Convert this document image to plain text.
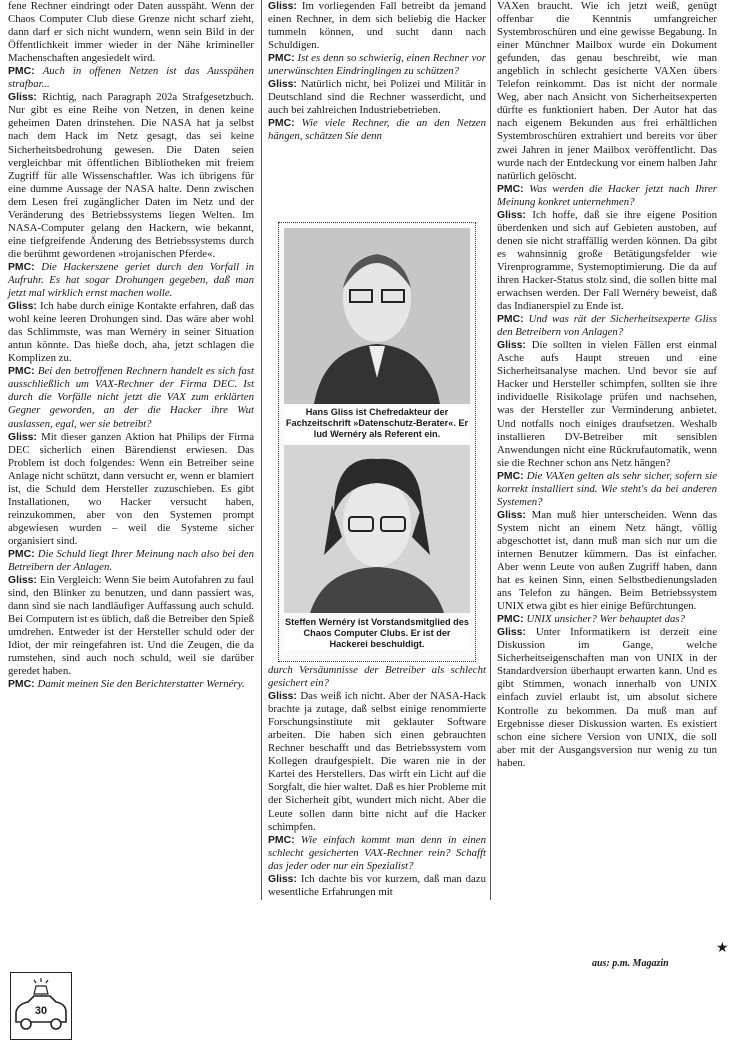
fene Rechner eindringt oder Daten ausspäht. Wenn der Chaos Computer Club diese Grenze nicht scharf zieht, dann darf er sich nicht wundern, wenn sein Bild in der Öffentlichkeit immer wieder in der Nähe krimineller Machenschaften angesiedelt wird.

PMC: Auch in offenen Netzen ist das Ausspähen strafbar...

Gliss: Richtig, nach Paragraph 202a Strafgesetzbuch. Nur gibt es eine Reihe von Netzen, in denen keine geheimen Daten drinstehen. Die NASA hat ja selbst nach dem Hack im Netz gesagt, das sei keine Sicherheitsbedrohung gewesen. Die Daten seien vergleichbar mit öffentlichen Bibliotheken mit freiem Zugriff für alle Wissenschaftler. Was ich übrigens für eine dumme Aussage der NASA halte. Denn zwischen dem Lesen frei zugänglicher Daten im Netz und der Veränderung des Betriebssystems liegen Welten. Im NASA-Computer gelang den Hackern, wie bekannt, eine tiefgreifende Änderung des Betriebssystems durch die berühmt gewordenen »trojanischen Pferde«.

PMC: Die Hackerszene geriet durch den Vorfall in Aufruhr. Es hat sogar Drohungen gegeben, daß man jetzt mal wirklich ernst machen wolle.

Gliss: Ich habe durch einige Kontakte erfahren, daß das wohl keine leeren Drohungen sind. Das wäre aber wohl das Schlimmste, was man Wernéry in seiner Situation antun könnte. Das hieße doch, aha, jetzt schlagen die Komplizen zu.

PMC: Bei den betroffenen Rechnern handelt es sich fast ausschließlich um VAX-Rechner der Firma DEC. Ist durch die Vorfälle nicht jetzt die VAX zum erklärten Gegner geworden, an der die Hacker ihre Wut auslassen, egal, wer sie betreibt?

Gliss: Mit dieser ganzen Aktion hat Philips der Firma DEC sicherlich einen Bärendienst erwiesen. Das Problem ist doch folgendes: Wenn ein Betreiber seine Anlage nicht schützt, dann versucht er, wenn er blamiert ist, die Schuld dem Hersteller zuzuschieben. Es gibt Installationen, wo Hacker versucht haben, reinzukommen, aber von den Systemen prompt abgewiesen wurden – weil die Systeme sicher organisiert sind.

PMC: Die Schuld liegt Ihrer Meinung nach also bei den Betreibern der Anlagen.

Gliss: Ein Vergleich: Wenn Sie beim Autofahren zu faul sind, den Blinker zu benutzen, und dann passiert was, dann sind sie nach landläufiger Auffassung auch schuld. Bei Computern ist es üblich, daß die Betreiber den Spieß umdrehen. Entweder ist der Hersteller schuld oder der Idiot, der mir reingefahren ist. Und die Zeugen, die da rumstehen, sind auch noch schuld, weil sie darüber geredet haben.

PMC: Damit meinen Sie den Berichterstatter Wernéry.

Gliss: Im vorliegenden Fall betreibt da jemand einen Rechner, in dem sich beliebig die Hacker tummeln können, und sucht dann nach Schuldigen.

PMC: Ist es denn so schwierig, einen Rechner vor unerwünschten Eindringlingen zu schützen?

Gliss: Natürlich nicht, bei Polizei und Militär in Deutschland sind die Rechner wasserdicht, und auch bei zahlreichen Industriebetrieben.

PMC: Wie viele Rechner, die an den Netzen hängen, schätzen Sie denn

Hans Gliss ist Chefredakteur der Fachzeitschrift »Datenschutz-Berater«. Er lud Wernéry als Referent ein.
Steffen Wernéry ist Vorstandsmitglied des Chaos Computer Clubs. Er ist der Hackerei beschuldigt.

durch Versäumnisse der Betreiber als schlecht gesichert ein?

Gliss: Das weiß ich nicht. Aber der NASA-Hack brachte ja zutage, daß selbst einige renommierte Forschungsinstitute mit geklauter Software arbeiten. Die haben sich einen gebrauchten Rechner beschafft und das Betriebssystem vom Kollegen draufgespielt. Die waren nie in der Kartei des Herstellers. Das wirft ein Licht auf die Sorgfalt, die hier waltet. Daß es hier Probleme mit der Sicherheit gibt, wundert mich nicht. Aber die Leute sollen dann bitte nicht auf die Hacker schimpfen.

PMC: Wie einfach kommt man denn in einen schlecht gesicherten VAX-Rechner rein? Schafft das jeder oder nur ein Spezialist?

Gliss: Ich dachte bis vor kurzem, daß man dazu wesentliche Erfahrungen mit

VAXen braucht. Wie ich jetzt weiß, genügt offenbar die Kenntnis umfangreicher Systembroschüren und eine gewisse Begabung. In einer Münchner Mailbox wurde ein Dokument gefunden, das genau beschreibt, wie man angeblich in schlecht gesicherte VAXen übers Telefon reinkommt. Das ist nicht der normale Weg, aber nach Ansicht von Sicherheitsexperten dürfte es funktioniert haben. Der Autor hat das nach eigenem Bekunden aus frei erhältlichen Systembroschüren extrahiert und bereits vor über zwei Jahren in jener Mailbox veröffentlicht. Das wurde nach der Entdeckung vor einem halben Jahr natürlich gelöscht.

PMC: Was werden die Hacker jetzt nach Ihrer Meinung konkret unternehmen?

Gliss: Ich hoffe, daß sie ihre eigene Position überdenken und sich auf Gebieten austoben, auf denen sie nicht straffällig werden können. Da gibt es wahnsinnig große Betätigungsfelder wie Virenprogramme, Systemoptimierung. Die da auf ihren Hacker-Status stolz sind, die sollen bitte mal erwachsen werden. Der Fall Wernéry beweist, daß das Indianerspiel zu Ende ist.

PMC: Und was rät der Sicherheitsexperte Gliss den Betreibern von Anlagen?

Gliss: Die sollten in vielen Fällen erst einmal Asche aufs Haupt streuen und eine Sicherheitsanalyse machen. Und bevor sie auf Hacker und Hersteller schimpfen, sollten sie ihre individuelle Risikolage prüfen und nachsehen, was der Hersteller zur Verminderung anbietet. Und notfalls noch einiges draufsetzen. Weshalb installieren DV-Betreiber mit sensiblen Anwendungen nicht eine Rückrufautomatik, wenn sie die Rechner schon ans Netz hängen?

PMC: Die VAXen gelten als sehr sicher, sofern sie korrekt installiert sind. Wie steht's da bei anderen Systemen?

Gliss: Man muß hier unterscheiden. Wenn das System nicht an einem Netz hängt, völlig abgeschottet ist, dann muß man sich nur um die internen Benutzer kümmern. Das ist einfacher. Aber wenn Leute von außen Zugriff haben, dann hat es keinen Sinn, einen Selbstbedienungsladen ans Telefon zu hängen. Beim Betriebssystem UNIX etwa gibt es hier einige Befürchtungen.

PMC: UNIX unsicher? Wer behauptet das?

Gliss: Unter Informatikern ist derzeit eine Diskussion im Gange, welche Sicherheitseigenschaften man von UNIX in der Standardversion überhaupt erwarten kann. Und es gibt Stimmen, wonach innerhalb von UNIX einfach zuviel erlaubt ist, um absolut sichere Kontrolle zu bekommen. Da muß man auf Ergebnisse dieser Diskussion warten. Es existiert schon eine sichere Version von UNIX, die soll aber mit der Ausgangsversion nur wenig zu tun haben.

★
aus: p.m. Magazin
30
